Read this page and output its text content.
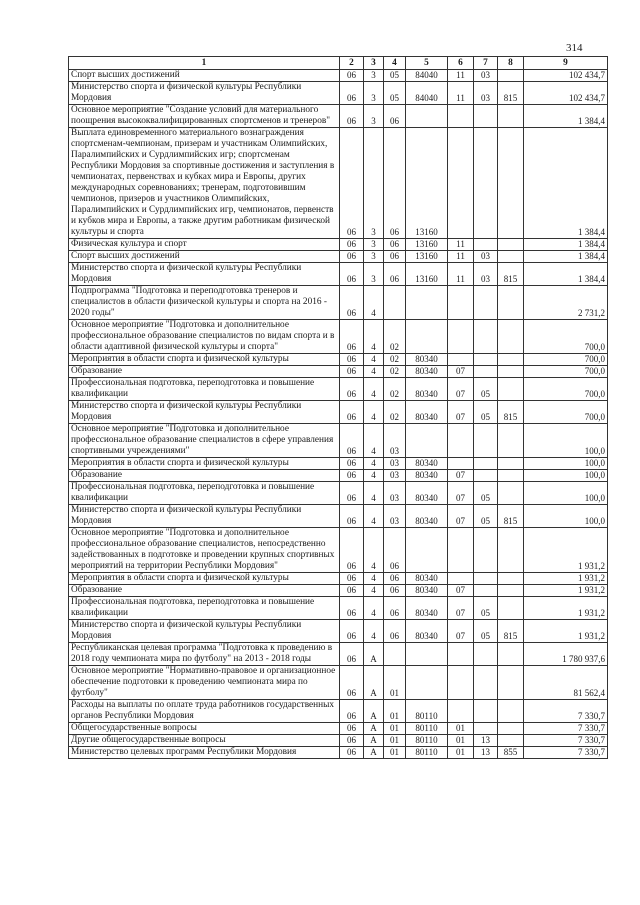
314
1	2	3	4	5	6	7	8	9
Спорт высших достижений	06	3	05	84040	11	03		102 434,7
Министерство спорта и физической культуры Республики Мордовия	06	3	05	84040	11	03	815	102 434,7
Основное мероприятие "Создание условий для материального поощрения высококвалифицированных спортсменов и тренеров"	06	3	06					1 384,4
Выплата единовременного материального вознаграждения спортсменам-чемпионам, призерам и участникам Олимпийских, Паралимпийских и Сурдлимпийских игр; спортсменам Республики Мордовия за спортивные достижения и заступления в чемпионатах, первенствах и кубках мира и Европы, других международных соревнованиях; тренерам, подготовившим чемпионов, призеров и участников Олимпийских, Паралимпийских и Сурдлимпийских игр, чемпионатов, первенств и кубков мира и Европы, а также другим работникам физической культуры и спорта	06	3	06	13160				1 384,4
Физическая культура и спорт	06	3	06	13160	11			1 384,4
Спорт высших достижений	06	3	06	13160	11	03		1 384,4
Министерство спорта и физической культуры Республики Мордовия	06	3	06	13160	11	03	815	1 384,4
Подпрограмма "Подготовка и переподготовка тренеров и специалистов в области физической культуры и спорта на 2016 - 2020 годы"	06	4						2 731,2
Основное мероприятие "Подготовка и дополнительное профессиональное образование специалистов по видам спорта и в области адаптивной физической культуры и спорта"	06	4	02					700,0
Мероприятия в области спорта и физической культуры	06	4	02	80340				700,0
Образование	06	4	02	80340	07			700,0
Профессиональная подготовка, переподготовка и повышение квалификации	06	4	02	80340	07	05		700,0
Министерство спорта и физической культуры Республики Мордовия	06	4	02	80340	07	05	815	700,0
Основное мероприятие "Подготовка и дополнительное профессиональное образование специалистов в сфере управления спортивными учреждениями"	06	4	03					100,0
Мероприятия в области спорта и физической культуры	06	4	03	80340				100,0
Образование	06	4	03	80340	07			100,0
Профессиональная подготовка, переподготовка и повышение квалификации	06	4	03	80340	07	05		100,0
Министерство спорта и физической культуры Республики Мордовия	06	4	03	80340	07	05	815	100,0
Основное мероприятие "Подготовка и дополнительное профессиональное образование специалистов, непосредственно задействованных в подготовке и проведении крупных спортивных мероприятий на территории Республики Мордовия"	06	4	06					1 931,2
Мероприятия в области спорта и физической культуры	06	4	06	80340				1 931,2
Образование	06	4	06	80340	07			1 931,2
Профессиональная подготовка, переподготовка и повышение квалификации	06	4	06	80340	07	05		1 931,2
Министерство спорта и физической культуры Республики Мордовия	06	4	06	80340	07	05	815	1 931,2
Республиканская целевая программа "Подготовка к проведению в 2018 году чемпионата мира по футболу" на 2013 - 2018 годы	06	А						1 780 937,6
Основное мероприятие "Нормативно-правовое и организационное обеспечение подготовки к проведению чемпионата мира по футболу"	06	А	01					81 562,4
Расходы на выплаты по оплате труда работников государственных органов Республики Мордовия	06	А	01	80110				7 330,7
Общегосударственные вопросы	06	А	01	80110	01			7 330,7
Другие общегосударственные вопросы	06	А	01	80110	01	13		7 330,7
Министерство целевых программ Республики Мордовия	06	А	01	80110	01	13	855	7 330,7
